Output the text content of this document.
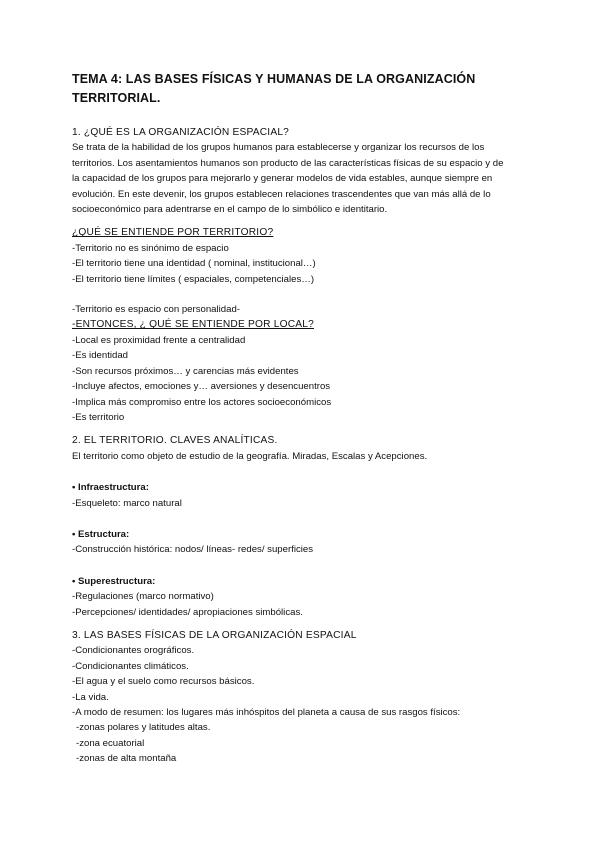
TEMA 4: LAS BASES FÍSICAS Y HUMANAS DE LA ORGANIZACIÓN
TERRITORIAL.
1. ¿QUÉ ES LA ORGANIZACIÓN ESPACIAL?
Se trata de la habilidad de los grupos humanos para establecerse y organizar los recursos de los
territorios. Los asentamientos humanos son producto de las características físicas de su espacio y de
la capacidad de los grupos para mejorarlo y generar modelos de vida estables, aunque siempre en
evolución. En este devenir, los grupos establecen relaciones trascendentes que van más allá de lo
socioeconómico para adentrarse en el campo de lo simbólico e identitario.
¿QUÉ SE ENTIENDE POR TERRITORIO?
-Territorio no es sinónimo de espacio
-El territorio tiene una identidad ( nominal, institucional…)
-El territorio tiene límites ( espaciales, competenciales…)
-Territorio es espacio con personalidad-
-ENTONCES, ¿ QUÉ SE ENTIENDE POR LOCAL?
-Local es proximidad frente a centralidad
-Es identidad
-Son recursos próximos… y carencias más evidentes
-Incluye afectos, emociones y… aversiones y desencuentros
-Implica más compromiso entre los actores socioeconómicos
-Es territorio
2. EL TERRITORIO. CLAVES ANALÍTICAS.
El territorio como objeto de estudio de la geografía. Miradas, Escalas y Acepciones.
• Infraestructura:
-Esqueleto: marco natural
• Estructura:
-Construcción histórica: nodos/ líneas- redes/ superficies
• Superestructura:
-Regulaciones (marco normativo)
-Percepciones/ identidades/ apropiaciones simbólicas.
3. LAS BASES FÍSICAS DE LA ORGANIZACIÓN ESPACIAL
-Condicionantes orográficos.
-Condicionantes climáticos.
-El agua y el suelo como recursos básicos.
-La vida.
-A modo de resumen: los lugares más inhóspitos del planeta a causa de sus rasgos físicos:
-zonas polares y latitudes altas.
-zona ecuatorial
-zonas de alta montaña
